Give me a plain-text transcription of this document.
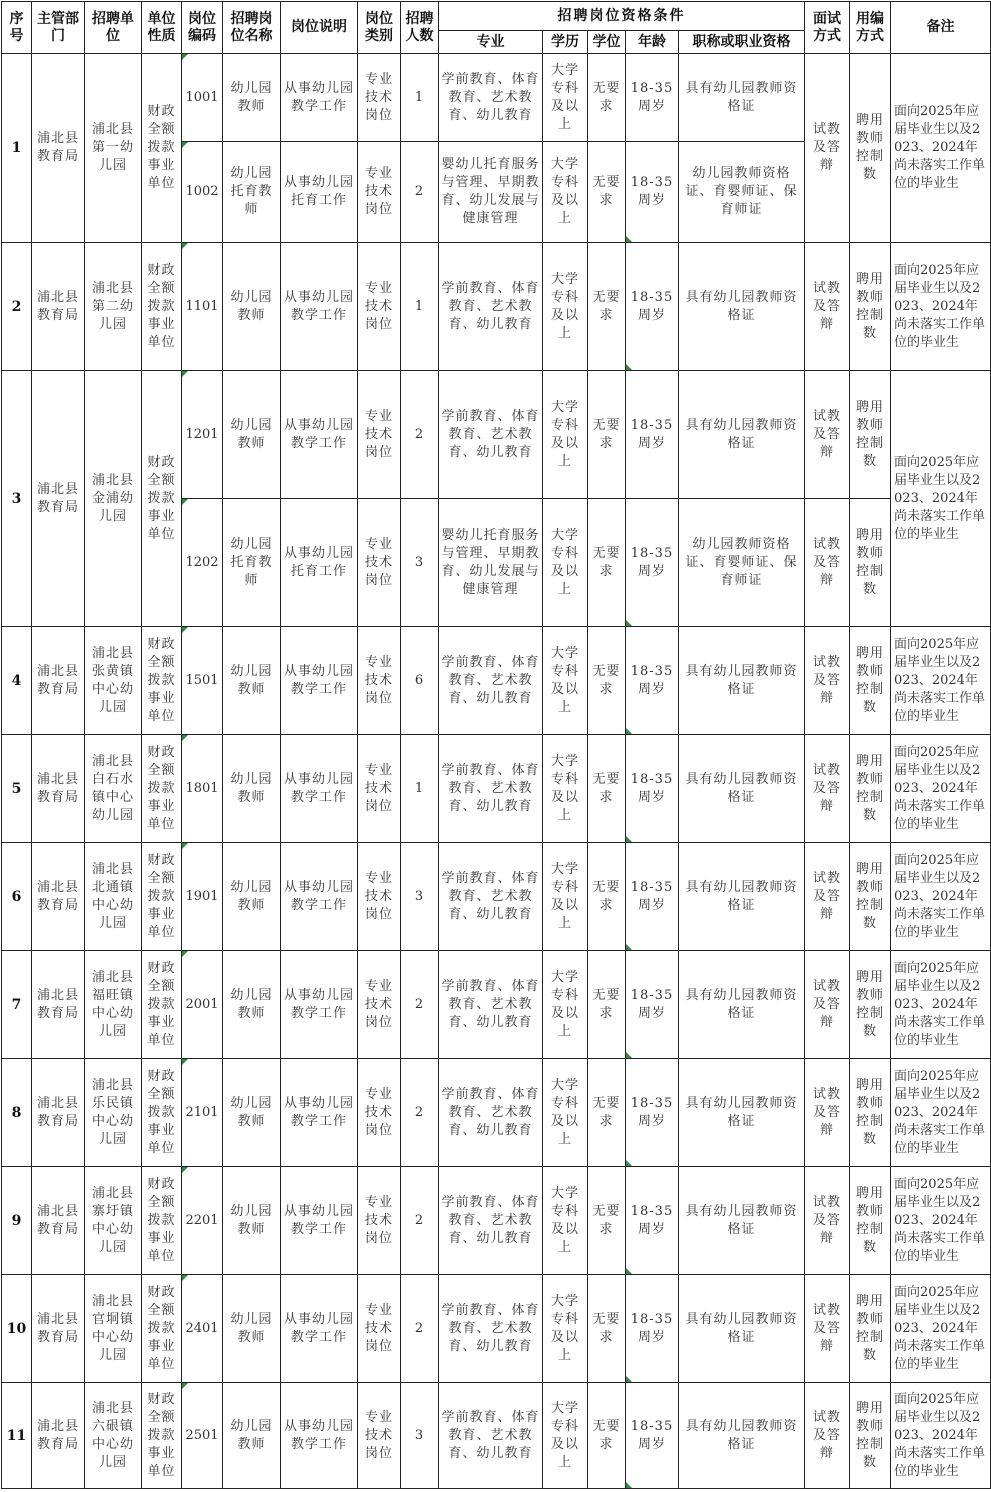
序号	主管部门	招聘单位	单位性质	岗位编码	招聘岗位名称	岗位说明	岗位类别	招聘人数	招聘岗位资格条件					面试方式	用编方式	备注
									专业	学历	学位	年龄	职称或职业资格			
1	浦北县教育局	浦北县第一幼儿园	财政全额拨款事业单位	1001	幼儿园教师	从事幼儿园教学工作	专业技术岗位	1	学前教育、体育教育、艺术教育、幼儿教育	大学专科及以上	无要求	18-35周岁	具有幼儿园教师资格证	试教及答辩	聘用教师控制数	面向2025年应届毕业生以及2023、2024年尚未落实工作单位的毕业生
				1002	幼儿园托育教师	从事幼儿园托育工作	专业技术岗位	2	婴幼儿托育服务与管理、早期教育、幼儿发展与健康管理	大学专科及以上	无要求	18-35周岁	幼儿园教师资格证、育婴师证、保育师证			
2	浦北县教育局	浦北县第二幼儿园	财政全额拨款事业单位	1101	幼儿园教师	从事幼儿园教学工作	专业技术岗位	1	学前教育、体育教育、艺术教育、幼儿教育	大学专科及以上	无要求	18-35周岁	具有幼儿园教师资格证	试教及答辩	聘用教师控制数	面向2025年应届毕业生以及2023、2024年尚未落实工作单位的毕业生
3	浦北县教育局	浦北县金浦幼儿园	财政全额拨款事业单位	1201	幼儿园教师	从事幼儿园教学工作	专业技术岗位	2	学前教育、体育教育、艺术教育、幼儿教育	大学专科及以上	无要求	18-35周岁	具有幼儿园教师资格证	试教及答辩	聘用教师控制数	面向2025年应届毕业生以及2023、2024年尚未落实工作单位的毕业生
				1202	幼儿园托育教师	从事幼儿园托育工作	专业技术岗位	3	婴幼儿托育服务与管理、早期教育、幼儿发展与健康管理	大学专科及以上	无要求	18-35周岁	幼儿园教师资格证、育婴师证、保育师证	试教及答辩	聘用教师控制数	
4	浦北县教育局	浦北县张黄镇中心幼儿园	财政全额拨款事业单位	1501	幼儿园教师	从事幼儿园教学工作	专业技术岗位	6	学前教育、体育教育、艺术教育、幼儿教育	大学专科及以上	无要求	18-35周岁	具有幼儿园教师资格证	试教及答辩	聘用教师控制数	面向2025年应届毕业生以及2023、2024年尚未落实工作单位的毕业生
5	浦北县教育局	浦北县白石水镇中心幼儿园	财政全额拨款事业单位	1801	幼儿园教师	从事幼儿园教学工作	专业技术岗位	1	学前教育、体育教育、艺术教育、幼儿教育	大学专科及以上	无要求	18-35周岁	具有幼儿园教师资格证	试教及答辩	聘用教师控制数	面向2025年应届毕业生以及2023、2024年尚未落实工作单位的毕业生
6	浦北县教育局	浦北县北通镇中心幼儿园	财政全额拨款事业单位	1901	幼儿园教师	从事幼儿园教学工作	专业技术岗位	3	学前教育、体育教育、艺术教育、幼儿教育	大学专科及以上	无要求	18-35周岁	具有幼儿园教师资格证	试教及答辩	聘用教师控制数	面向2025年应届毕业生以及2023、2024年尚未落实工作单位的毕业生
7	浦北县教育局	浦北县福旺镇中心幼儿园	财政全额拨款事业单位	2001	幼儿园教师	从事幼儿园教学工作	专业技术岗位	2	学前教育、体育教育、艺术教育、幼儿教育	大学专科及以上	无要求	18-35周岁	具有幼儿园教师资格证	试教及答辩	聘用教师控制数	面向2025年应届毕业生以及2023、2024年尚未落实工作单位的毕业生
8	浦北县教育局	浦北县乐民镇中心幼儿园	财政全额拨款事业单位	2101	幼儿园教师	从事幼儿园教学工作	专业技术岗位	2	学前教育、体育教育、艺术教育、幼儿教育	大学专科及以上	无要求	18-35周岁	具有幼儿园教师资格证	试教及答辩	聘用教师控制数	面向2025年应届毕业生以及2023、2024年尚未落实工作单位的毕业生
9	浦北县教育局	浦北县寨圩镇中心幼儿园	财政全额拨款事业单位	2201	幼儿园教师	从事幼儿园教学工作	专业技术岗位	2	学前教育、体育教育、艺术教育、幼儿教育	大学专科及以上	无要求	18-35周岁	具有幼儿园教师资格证	试教及答辩	聘用教师控制数	面向2025年应届毕业生以及2023、2024年尚未落实工作单位的毕业生
10	浦北县教育局	浦北县官垌镇中心幼儿园	财政全额拨款事业单位	2401	幼儿园教师	从事幼儿园教学工作	专业技术岗位	2	学前教育、体育教育、艺术教育、幼儿教育	大学专科及以上	无要求	18-35周岁	具有幼儿园教师资格证	试教及答辩	聘用教师控制数	面向2025年应届毕业生以及2023、2024年尚未落实工作单位的毕业生
11	浦北县教育局	浦北县六硍镇中心幼儿园	财政全额拨款事业单位	2501	幼儿园教师	从事幼儿园教学工作	专业技术岗位	3	学前教育、体育教育、艺术教育、幼儿教育	大学专科及以上	无要求	18-35周岁	具有幼儿园教师资格证	试教及答辩	聘用教师控制数	面向2025年应届毕业生以及2023、2024年尚未落实工作单位的毕业生
